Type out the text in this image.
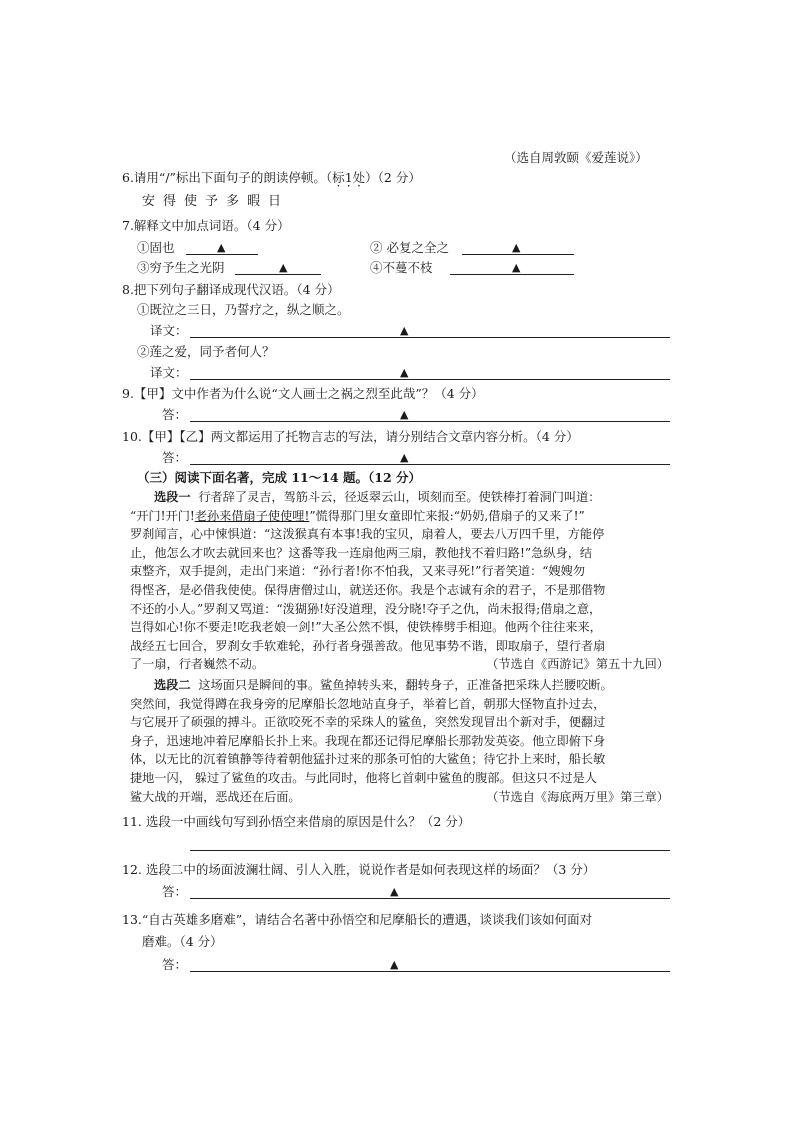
（选自周敦颐《爱莲说》）
6.请用“/”标出下面句子的朗读停顿。（标1 ·处）（2 分）
安得使予多暇日
7.解释文中加点词语。（4 分）
①固也	▲	② 必复之全之	▲
③穷予生之光阴	▲	④不蔓不枝	▲
8.把下列句子翻译成现代汉语。（4 分）
①既泣之三日，乃誓疗之，纵之顺之。
译文：	▲
②莲之爱，同予者何人？
译文：	▲
9.【甲】文中作者为什么说“文人画士之祸之烈至此哉”？（4 分）
答：	▲
10.【甲】【乙】两文都运用了托物言志的写法，请分别结合文章内容分析。（4 分）
答：	▲
（三）阅读下面名著，完成 11～14 题。（12 分）
选段一 行者辞了灵吉，驾筋斗云，径返翠云山，顷刻而至。使铁棒打着洞门叫道：
“开门!开门!老孙来借扇子使使哩!”慌得那门里女童即忙来报:“奶奶,借扇子的又来了!”
罗刹闻言，心中悚惧道：“这泼猴真有本事!我的宝贝，扇着人，要去八万四千里，方能停
止，他怎么才吹去就回来也？这番等我一连扇他两三扇，教他找不着归路!”急纵身，结
束整齐，双手提剑，走出门来道：“孙行者!你不怕我，又来寻死!”行者笑道：“嫂嫂勿
得悭吝，是必借我使使。保得唐僧过山，就送还你。我是个志诚有余的君子，不是那借物
不还的小人。”罗刹又骂道：“泼猢狲!好没道理，没分晓!夺子之仇，尚未报得;借扇之意，
岂得如心!你不要走!吃我老娘一剑!”大圣公然不惧，使铁棒劈手相迎。他两个往往来来，
战经五七回合，罗刹女手软难轮，孙行者身强善敌。他见事势不谐，即取扇子，望行者扇
了一扇，行者巍然不动。	（节选自《西游记》第五十九回）
选段二 这场面只是瞬间的事。鲨鱼掉转头来，翻转身子，正准备把采珠人拦腰咬断。
突然间，我觉得蹲在我身旁的尼摩船长忽地站直身子，举着匕首，朝那大怪物直扑过去，
与它展开了硕强的搏斗。正欲咬死不幸的采珠人的鲨鱼，突然发现冒出个新对手，便翻过
身子，迅速地冲着尼摩船长扑上来。我现在都还记得尼摩船长那勃发英姿。他立即俯下身
体，以无比的沉着镇静等待着朝他猛扑过来的那条可怕的大鲨鱼；待它扑上来时，船长敏
捷地一闪， 躲过了鲨鱼的攻击。与此同时，他将匕首刺中鲨鱼的腹部。但这只不过是人
鲨大战的开端，恶战还在后面。	（节选自《海底两万里》第三章）
11. 选段一中画线句写到孙悟空来借扇的原因是什么？（2 分）
12. 选段二中的场面波澜壮阔、引人入胜，说说作者是如何表现这样的场面？（3 分）
答：	▲
13.“自古英雄多磨难”，请结合名著中孙悟空和尼摩船长的遭遇，谈谈我们该如何面对
磨难。（4 分）
答：	▲
